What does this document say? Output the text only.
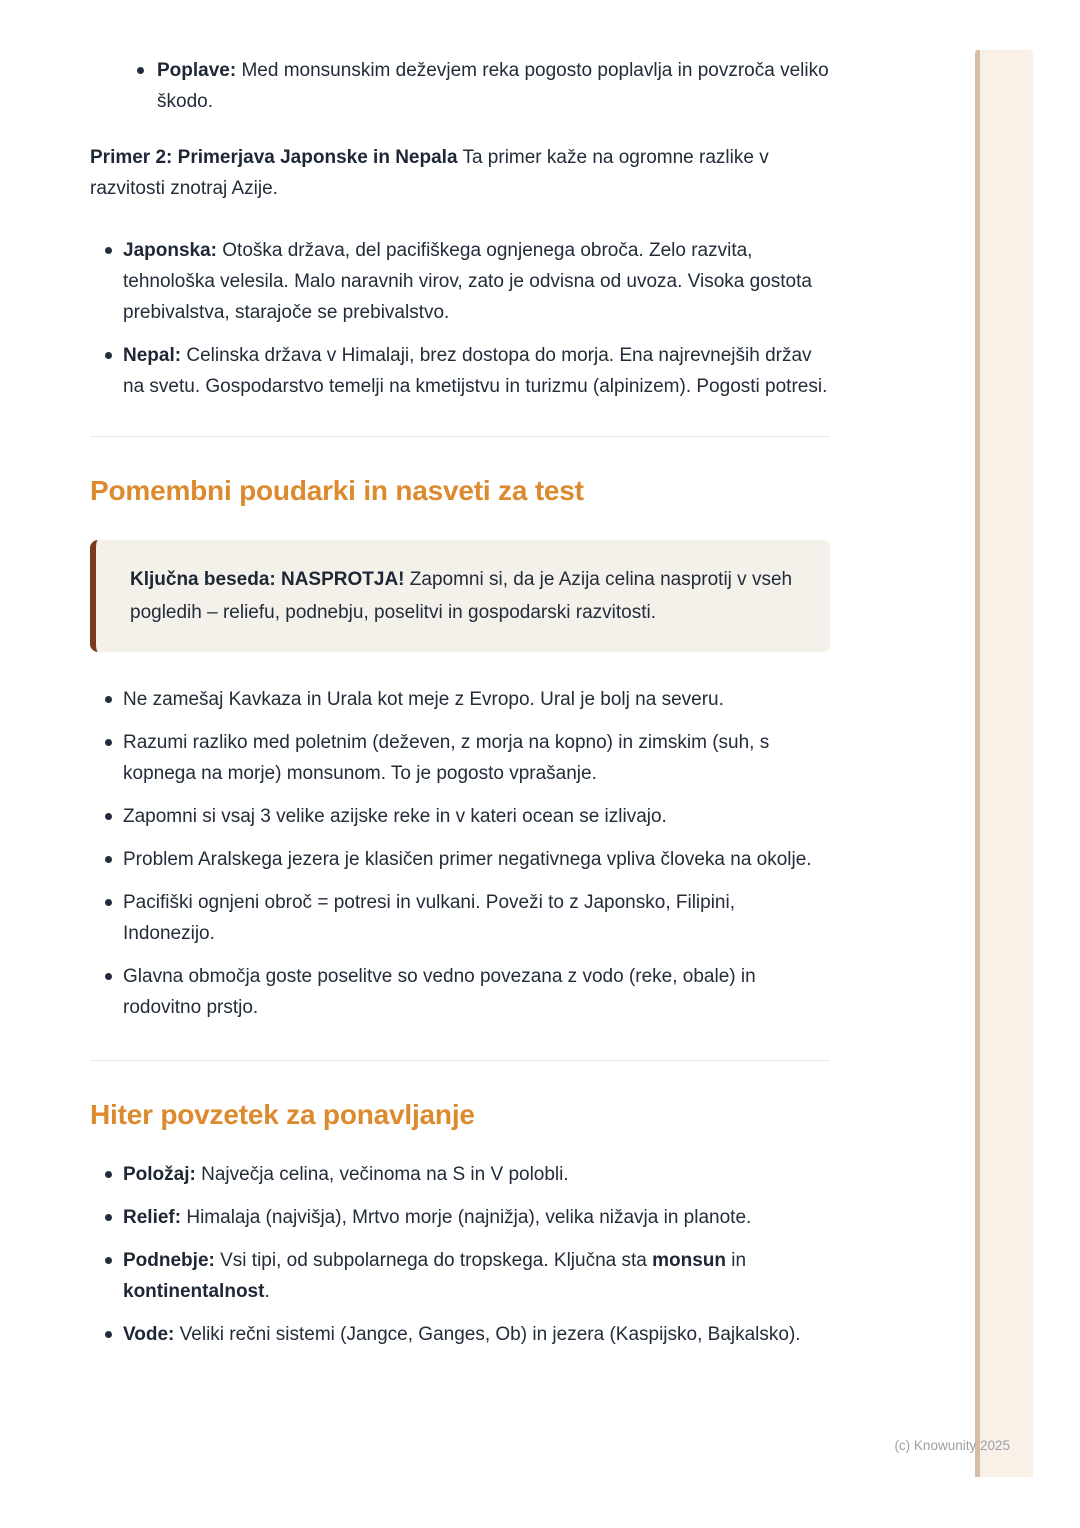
Poplave: Med monsunskim deževjem reka pogosto poplavlja in povzroča veliko škodo.

Primer 2: Primerjava Japonske in Nepala Ta primer kaže na ogromne razlike v razvitosti znotraj Azije.

Japonska: Otoška država, del pacifiškega ognjenega obroča. Zelo razvita, tehnološka velesila. Malo naravnih virov, zato je odvisna od uvoza. Visoka gostota prebivalstva, starajoče se prebivalstvo.
Nepal: Celinska država v Himalaji, brez dostopa do morja. Ena najrevnejših držav na svetu. Gospodarstvo temelji na kmetijstvu in turizmu (alpinizem). Pogosti potresi.
Pomembni poudarki in nasveti za test
Ključna beseda: NASPROTJA! Zapomni si, da je Azija celina nasprotij v vseh pogledih – reliefu, podnebju, poselitvi in gospodarski razvitosti.
Ne zamešaj Kavkaza in Urala kot meje z Evropo. Ural je bolj na severu.
Razumi razliko med poletnim (deževen, z morja na kopno) in zimskim (suh, s kopnega na morje) monsunom. To je pogosto vprašanje.
Zapomni si vsaj 3 velike azijske reke in v kateri ocean se izlivajo.
Problem Aralskega jezera je klasičen primer negativnega vpliva človeka na okolje.
Pacifiški ognjeni obroč = potresi in vulkani. Poveži to z Japonsko, Filipini, Indonezijo.
Glavna območja goste poselitve so vedno povezana z vodo (reke, obale) in rodovitno prstjo.
Hiter povzetek za ponavljanje
Položaj: Največja celina, večinoma na S in V polobli.
Relief: Himalaja (najvišja), Mrtvo morje (najnižja), velika nižavja in planote.
Podnebje: Vsi tipi, od subpolarnega do tropskega. Ključna sta monsun in kontinentalnost.
Vode: Veliki rečni sistemi (Jangce, Ganges, Ob) in jezera (Kaspijsko, Bajkalsko).
(c) Knowunity 2025
